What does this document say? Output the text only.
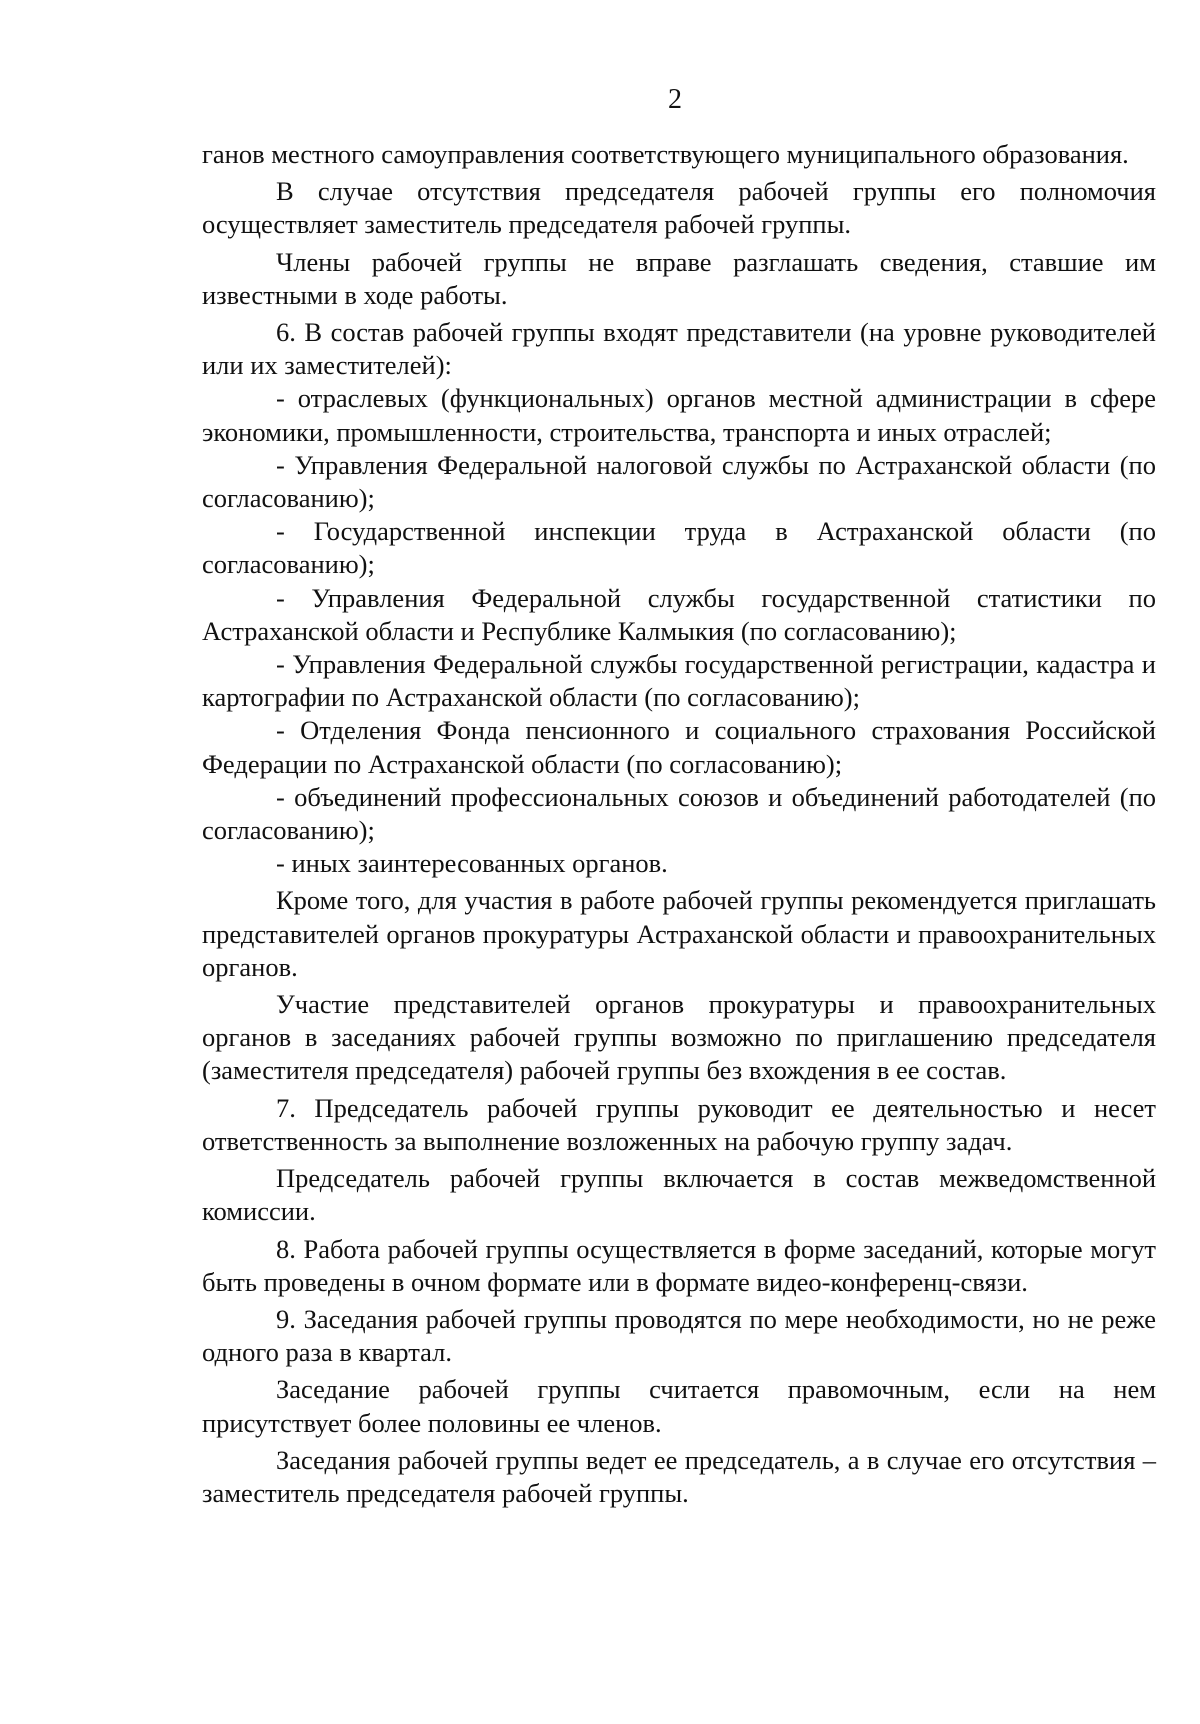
2

ганов местного самоуправления соответствующего муниципального образования.

В случае отсутствия председателя рабочей группы его полномочия осуществляет заместитель председателя рабочей группы.

Члены рабочей группы не вправе разглашать сведения, ставшие им известными в ходе работы.

6. В состав рабочей группы входят представители (на уровне руководителей или их заместителей):

- отраслевых (функциональных) органов местной администрации в сфере экономики, промышленности, строительства, транспорта и иных отраслей;

- Управления Федеральной налоговой службы по Астраханской области (по согласованию);

- Государственной инспекции труда в Астраханской области (по согласованию);

- Управления Федеральной службы государственной статистики по Астраханской области и Республике Калмыкия (по согласованию);

- Управления Федеральной службы государственной регистрации, кадастра и картографии по Астраханской области (по согласованию);

- Отделения Фонда пенсионного и социального страхования Российской Федерации по Астраханской области (по согласованию);

- объединений профессиональных союзов и объединений работодателей (по согласованию);

- иных заинтересованных органов.

Кроме того, для участия в работе рабочей группы рекомендуется приглашать представителей органов прокуратуры Астраханской области и правоохранительных органов.

Участие представителей органов прокуратуры и правоохранительных органов в заседаниях рабочей группы возможно по приглашению председателя (заместителя председателя) рабочей группы без вхождения в ее состав.

7. Председатель рабочей группы руководит ее деятельностью и несет ответственность за выполнение возложенных на рабочую группу задач.

Председатель рабочей группы включается в состав межведомственной комиссии.

8. Работа рабочей группы осуществляется в форме заседаний, которые могут быть проведены в очном формате или в формате видео-конференц-связи.

9. Заседания рабочей группы проводятся по мере необходимости, но не реже одного раза в квартал.

Заседание рабочей группы считается правомочным, если на нем присутствует более половины ее членов.

Заседания рабочей группы ведет ее председатель, а в случае его отсутствия – заместитель председателя рабочей группы.
